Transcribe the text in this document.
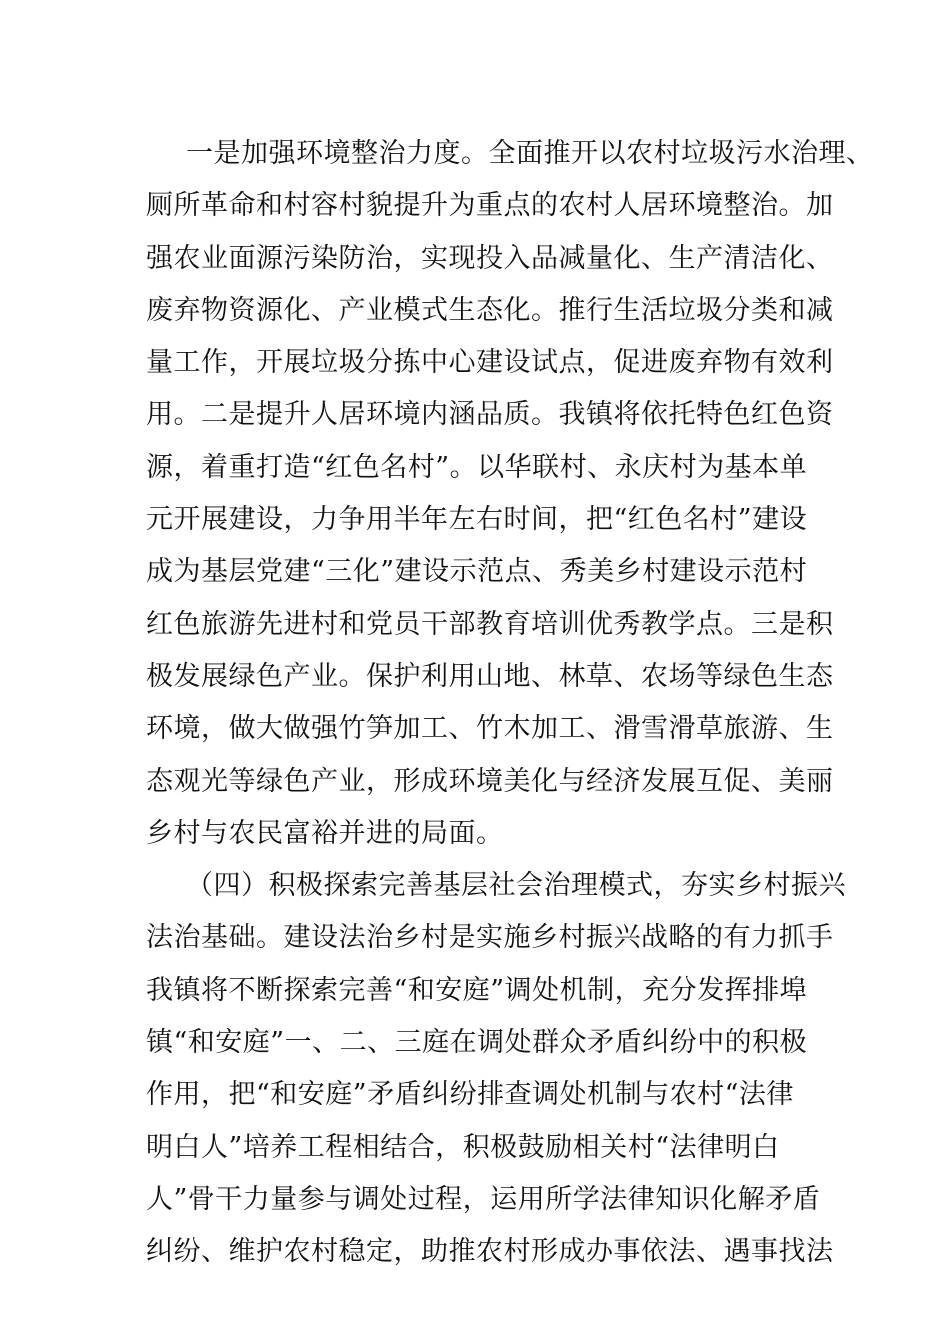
一是加强环境整治力度。全面推开以农村垃圾污水治理、
厕所革命和村容村貌提升为重点的农村人居环境整治。加
强农业面源污染防治，实现投入品减量化、生产清洁化、
废弃物资源化、产业模式生态化。推行生活垃圾分类和减
量工作，开展垃圾分拣中心建设试点，促进废弃物有效利
用。二是提升人居环境内涵品质。我镇将依托特色红色资
源，着重打造“红色名村”。以华联村、永庆村为基本单
元开展建设，力争用半年左右时间，把“红色名村”建设
成为基层党建“三化”建设示范点、秀美乡村建设示范村
红色旅游先进村和党员干部教育培训优秀教学点。三是积
极发展绿色产业。保护利用山地、林草、农场等绿色生态
环境，做大做强竹笋加工、竹木加工、滑雪滑草旅游、生
态观光等绿色产业，形成环境美化与经济发展互促、美丽
乡村与农民富裕并进的局面。
（四）积极探索完善基层社会治理模式，夯实乡村振兴
法治基础。建设法治乡村是实施乡村振兴战略的有力抓手
我镇将不断探索完善“和安庭”调处机制，充分发挥排埠
镇“和安庭”一、二、三庭在调处群众矛盾纠纷中的积极
作用，把“和安庭”矛盾纠纷排查调处机制与农村“法律
明白人”培养工程相结合，积极鼓励相关村“法律明白
人”骨干力量参与调处过程，运用所学法律知识化解矛盾
纠纷、维护农村稳定，助推农村形成办事依法、遇事找法
